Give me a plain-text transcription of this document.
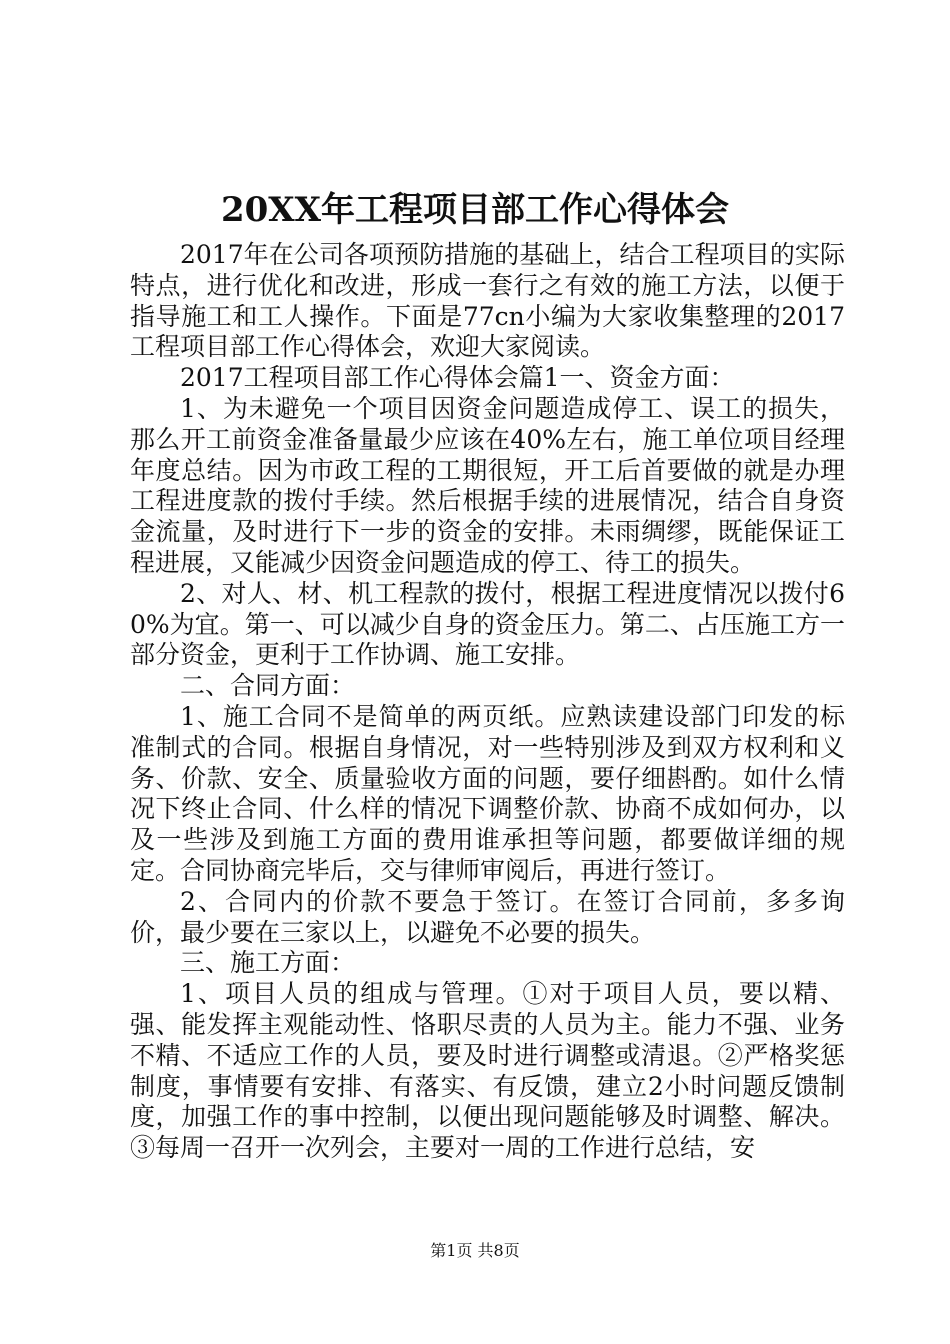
20XX年工程项目部工作心得体会

2017年在公司各项预防措施的基础上，结合工程项目的实际特点，进行优化和改进，形成一套行之有效的施工方法，以便于指导施工和工人操作。下面是77cn小编为大家收集整理的2017工程项目部工作心得体会，欢迎大家阅读。

2017工程项目部工作心得体会篇1一、资金方面：

1、为未避免一个项目因资金问题造成停工、误工的损失，那么开工前资金准备量最少应该在40%左右，施工单位项目经理年度总结。因为市政工程的工期很短，开工后首要做的就是办理工程进度款的拨付手续。然后根据手续的进展情况，结合自身资金流量，及时进行下一步的资金的安排。未雨绸缪，既能保证工程进展，又能减少因资金问题造成的停工、待工的损失。

2、对人、材、机工程款的拨付，根据工程进度情况以拨付60%为宜。第一、可以减少自身的资金压力。第二、占压施工方一部分资金，更利于工作协调、施工安排。

二、合同方面：

1、施工合同不是简单的两页纸。应熟读建设部门印发的标准制式的合同。根据自身情况，对一些特别涉及到双方权利和义务、价款、安全、质量验收方面的问题，要仔细斟酌。如什么情况下终止合同、什么样的情况下调整价款、协商不成如何办，以及一些涉及到施工方面的费用谁承担等问题，都要做详细的规定。合同协商完毕后，交与律师审阅后，再进行签订。

2、合同内的价款不要急于签订。在签订合同前，多多询价，最少要在三家以上，以避免不必要的损失。

三、施工方面：

1、项目人员的组成与管理。①对于项目人员，要以精、强、能发挥主观能动性、恪职尽责的人员为主。能力不强、业务不精、不适应工作的人员，要及时进行调整或清退。②严格奖惩制度，事情要有安排、有落实、有反馈，建立2小时问题反馈制度，加强工作的事中控制，以便出现问题能够及时调整、解决。③每周一召开一次列会，主要对一周的工作进行总结，安

第1页 共8页
